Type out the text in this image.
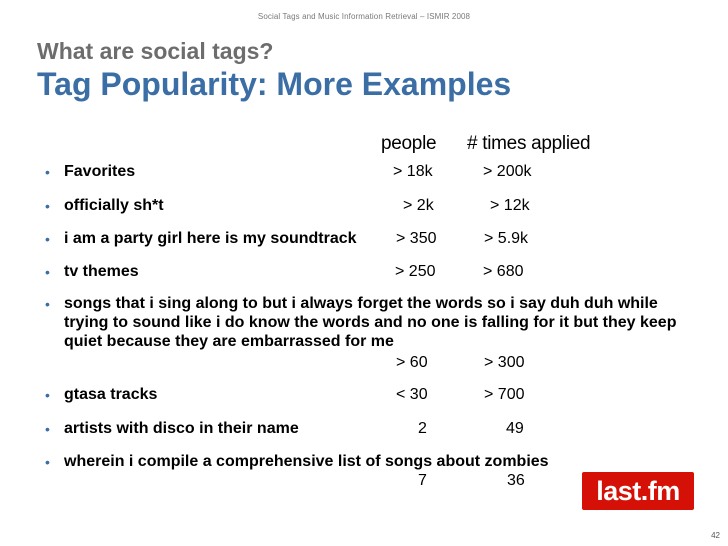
Social Tags and Music Information Retrieval – ISMIR 2008
What are social tags?
Tag Popularity: More Examples
people # times applied
• Favorites	> 18k	> 200k
• officially sh*t	> 2k	> 12k
• i am a party girl here is my soundtrack	> 350	> 5.9k
• tv themes	> 250	> 680
• songs that i sing along to but i always forget the words so i say duh duh while trying to sound like i do know the words and no one is falling for it but they keep quiet because they are embarrassed for me
> 60	> 300
• gtasa tracks	< 30	> 700
• artists with disco in their name	2	49
• wherein i compile a comprehensive list of songs about zombies
7	36	last.fm
42
